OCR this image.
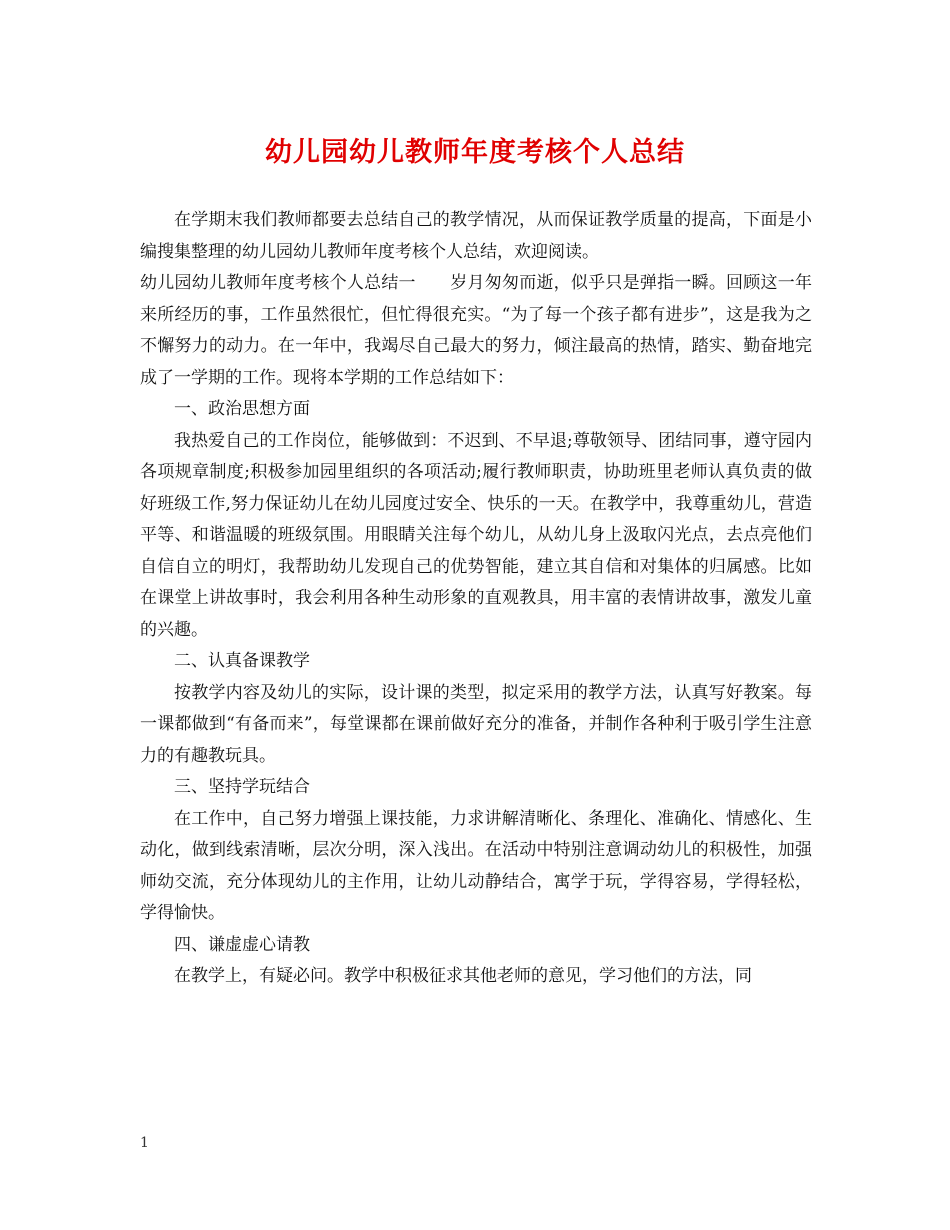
幼儿园幼儿教师年度考核个人总结

在学期末我们教师都要去总结自己的教学情况，从而保证教学质量的提高，下面是小编搜集整理的幼儿园幼儿教师年度考核个人总结，欢迎阅读。

幼儿园幼儿教师年度考核个人总结一　　岁月匆匆而逝，似乎只是弹指一瞬。回顾这一年来所经历的事，工作虽然很忙，但忙得很充实。“为了每一个孩子都有进步”，这是我为之不懈努力的动力。在一年中，我竭尽自己最大的努力，倾注最高的热情，踏实、勤奋地完成了一学期的工作。现将本学期的工作总结如下：

一、政治思想方面

我热爱自己的工作岗位，能够做到：不迟到、不早退;尊敬领导、团结同事，遵守园内各项规章制度;积极参加园里组织的各项活动;履行教师职责，协助班里老师认真负责的做好班级工作,努力保证幼儿在幼儿园度过安全、快乐的一天。在教学中，我尊重幼儿，营造平等、和谐温暖的班级氛围。用眼睛关注每个幼儿，从幼儿身上汲取闪光点，去点亮他们自信自立的明灯，我帮助幼儿发现自己的优势智能，建立其自信和对集体的归属感。比如在课堂上讲故事时，我会利用各种生动形象的直观教具，用丰富的表情讲故事，激发儿童的兴趣。

二、认真备课教学

按教学内容及幼儿的实际，设计课的类型，拟定采用的教学方法，认真写好教案。每一课都做到“有备而来”，每堂课都在课前做好充分的准备，并制作各种利于吸引学生注意力的有趣教玩具。

三、坚持学玩结合

在工作中，自己努力增强上课技能，力求讲解清晰化、条理化、准确化、情感化、生动化，做到线索清晰，层次分明，深入浅出。在活动中特别注意调动幼儿的积极性，加强师幼交流，充分体现幼儿的主作用，让幼儿动静结合，寓学于玩，学得容易，学得轻松，学得愉快。

四、谦虚虚心请教

在教学上，有疑必问。教学中积极征求其他老师的意见，学习他们的方法，同

1
